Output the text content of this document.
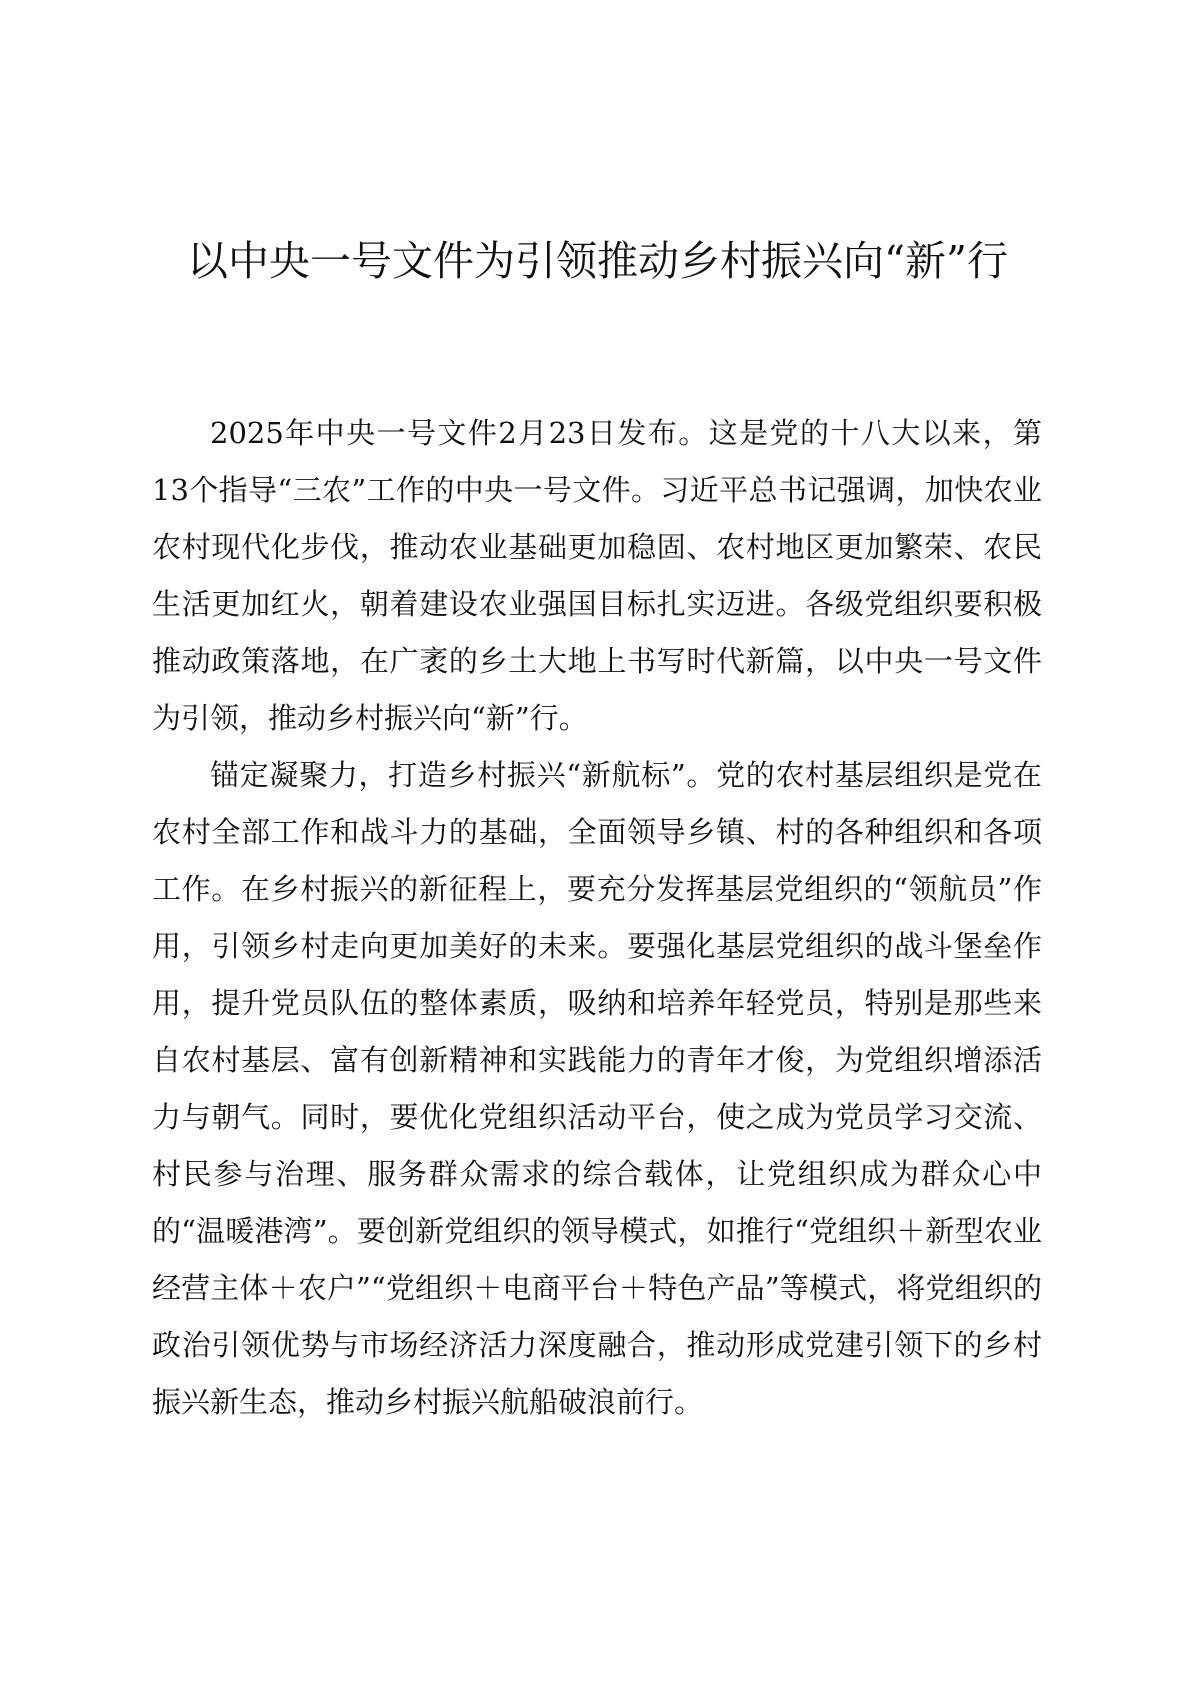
以中央一号文件为引领推动乡村振兴向“新”行

2025年中央一号文件2月23日发布。这是党的十八大以来，第13个指导“三农”工作的中央一号文件。习近平总书记强调，加快农业农村现代化步伐，推动农业基础更加稳固、农村地区更加繁荣、农民生活更加红火，朝着建设农业强国目标扎实迈进。各级党组织要积极推动政策落地，在广袤的乡土大地上书写时代新篇，以中央一号文件为引领，推动乡村振兴向“新”行。

锚定凝聚力，打造乡村振兴“新航标”。党的农村基层组织是党在农村全部工作和战斗力的基础，全面领导乡镇、村的各种组织和各项工作。在乡村振兴的新征程上，要充分发挥基层党组织的“领航员”作用，引领乡村走向更加美好的未来。要强化基层党组织的战斗堡垒作用，提升党员队伍的整体素质，吸纳和培养年轻党员，特别是那些来自农村基层、富有创新精神和实践能力的青年才俊，为党组织增添活力与朝气。同时，要优化党组织活动平台，使之成为党员学习交流、村民参与治理、服务群众需求的综合载体，让党组织成为群众心中的“温暖港湾”。要创新党组织的领导模式，如推行“党组织＋新型农业经营主体＋农户”“党组织＋电商平台＋特色产品”等模式，将党组织的政治引领优势与市场经济活力深度融合，推动形成党建引领下的乡村振兴新生态，推动乡村振兴航船破浪前行。
